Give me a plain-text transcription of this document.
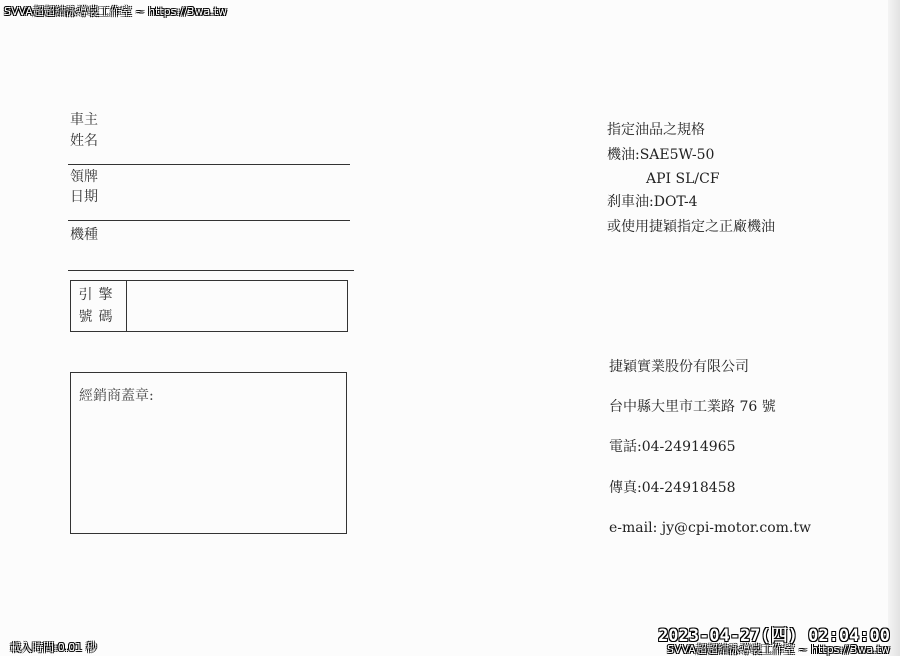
SVVA超超結泳導裳工作室 ~ https://3wa.tw
車主
姓名
領牌
日期
機種
引擎
號碼
經銷商蓋章:
指定油品之規格
機油:SAE5W-50
API SL/CF
刹車油:DOT-4
或使用捷穎指定之正廠機油
捷穎實業股份有限公司
台中縣大里市工業路 76 號
電話:04-24914965
傳真:04-24918458
e-mail: jy@cpi-motor.com.tw
2023-04-27(四) 02:04:00
載入時間:0.01 秒	SVVA超超結泳導裳工作室 ~ https://3wa.tw
